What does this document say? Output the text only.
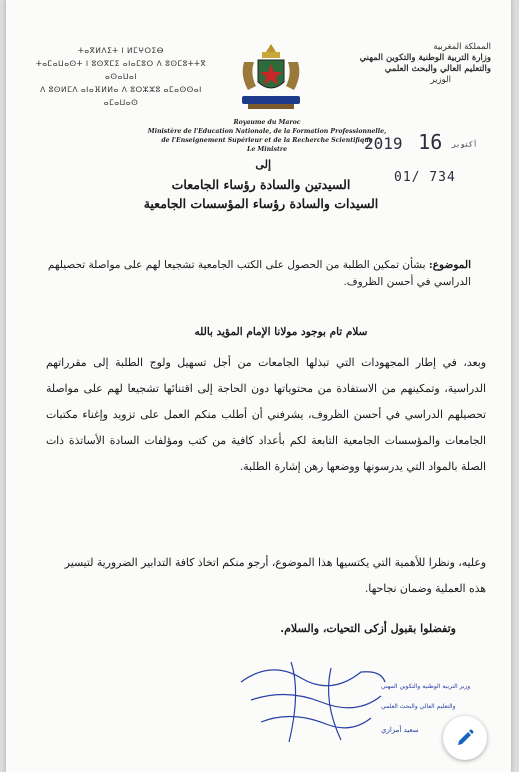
المملكة المغربية
وزارة التربية الوطنية والتكوين المهني
والتعليم العالي والبحث العلمي
الوزير
ⵜⴰⴳⵍⴷⵉⵜ ⵏ ⵍⵎⵖⵔⵉⴱ
ⵜⴰⵎⴰⵡⴰⵙⵜ ⵏ ⵓⵙⴳⵎⵉ ⴰⵏⴰⵎⵓⵔ ⴷ ⵓⵙⵎⵓⵜⵜⴳ ⴰⵙⴰⵡⴰⵏ
ⴷ ⵓⵙⵍⵎⴷ ⴰⵏⴰⴼⵍⵍⴰ ⴷ ⵓⵔⵣⵣⵓ ⴰⵎⴰⵙⵙⴰⵏ
ⴰⵎⴰⵡⴰⵙ
Royaume du Maroc
Ministère de l'Education Nationale, de la Formation Professionnelle,
de l'Enseignement Supérieur et de la Recherche Scientifique
Le Ministre	2019	أكتوبر 16
01/ 734
إلى
السيدتين والسادة رؤساء الجامعات
السيدات والسادة رؤساء المؤسسات الجامعية
الموضوع: بشأن تمكين الطلبة من الحصول على الكتب الجامعية تشجيعا لهم على مواصلة تحصيلهم الدراسي في أحسن الظروف.
سلام تام بوجود مولانا الإمام المؤيد بالله
وبعد، في إطار المجهودات التي تبذلها الجامعات من أجل تسهيل ولوج الطلبة إلى مقرراتهم الدراسية، وتمكينهم من الاستفادة من محتوياتها دون الحاجة إلى اقتنائها تشجيعا لهم على مواصلة تحصيلهم الدراسي في أحسن الظروف، يشرفني أن أطلب منكم العمل على تزويد وإغناء مكتبات الجامعات والمؤسسات الجامعية التابعة لكم بأعداد كافية من كتب ومؤلفات السادة الأساتذة ذات الصلة بالمواد التي يدرسونها ووضعها رهن إشارة الطلبة.
وعليه، ونظرا للأهمية التي يكتسيها هذا الموضوع، أرجو منكم اتخاذ كافة التدابير الضرورية لتيسير هذه العملية وضمان نجاحها.
وتفضلوا بقبول أزكى التحيات، والسلام.
وزير التربية الوطنية والتكوين المهني
والتعليم العالي والبحث العلمي
سعيد أمزازي
